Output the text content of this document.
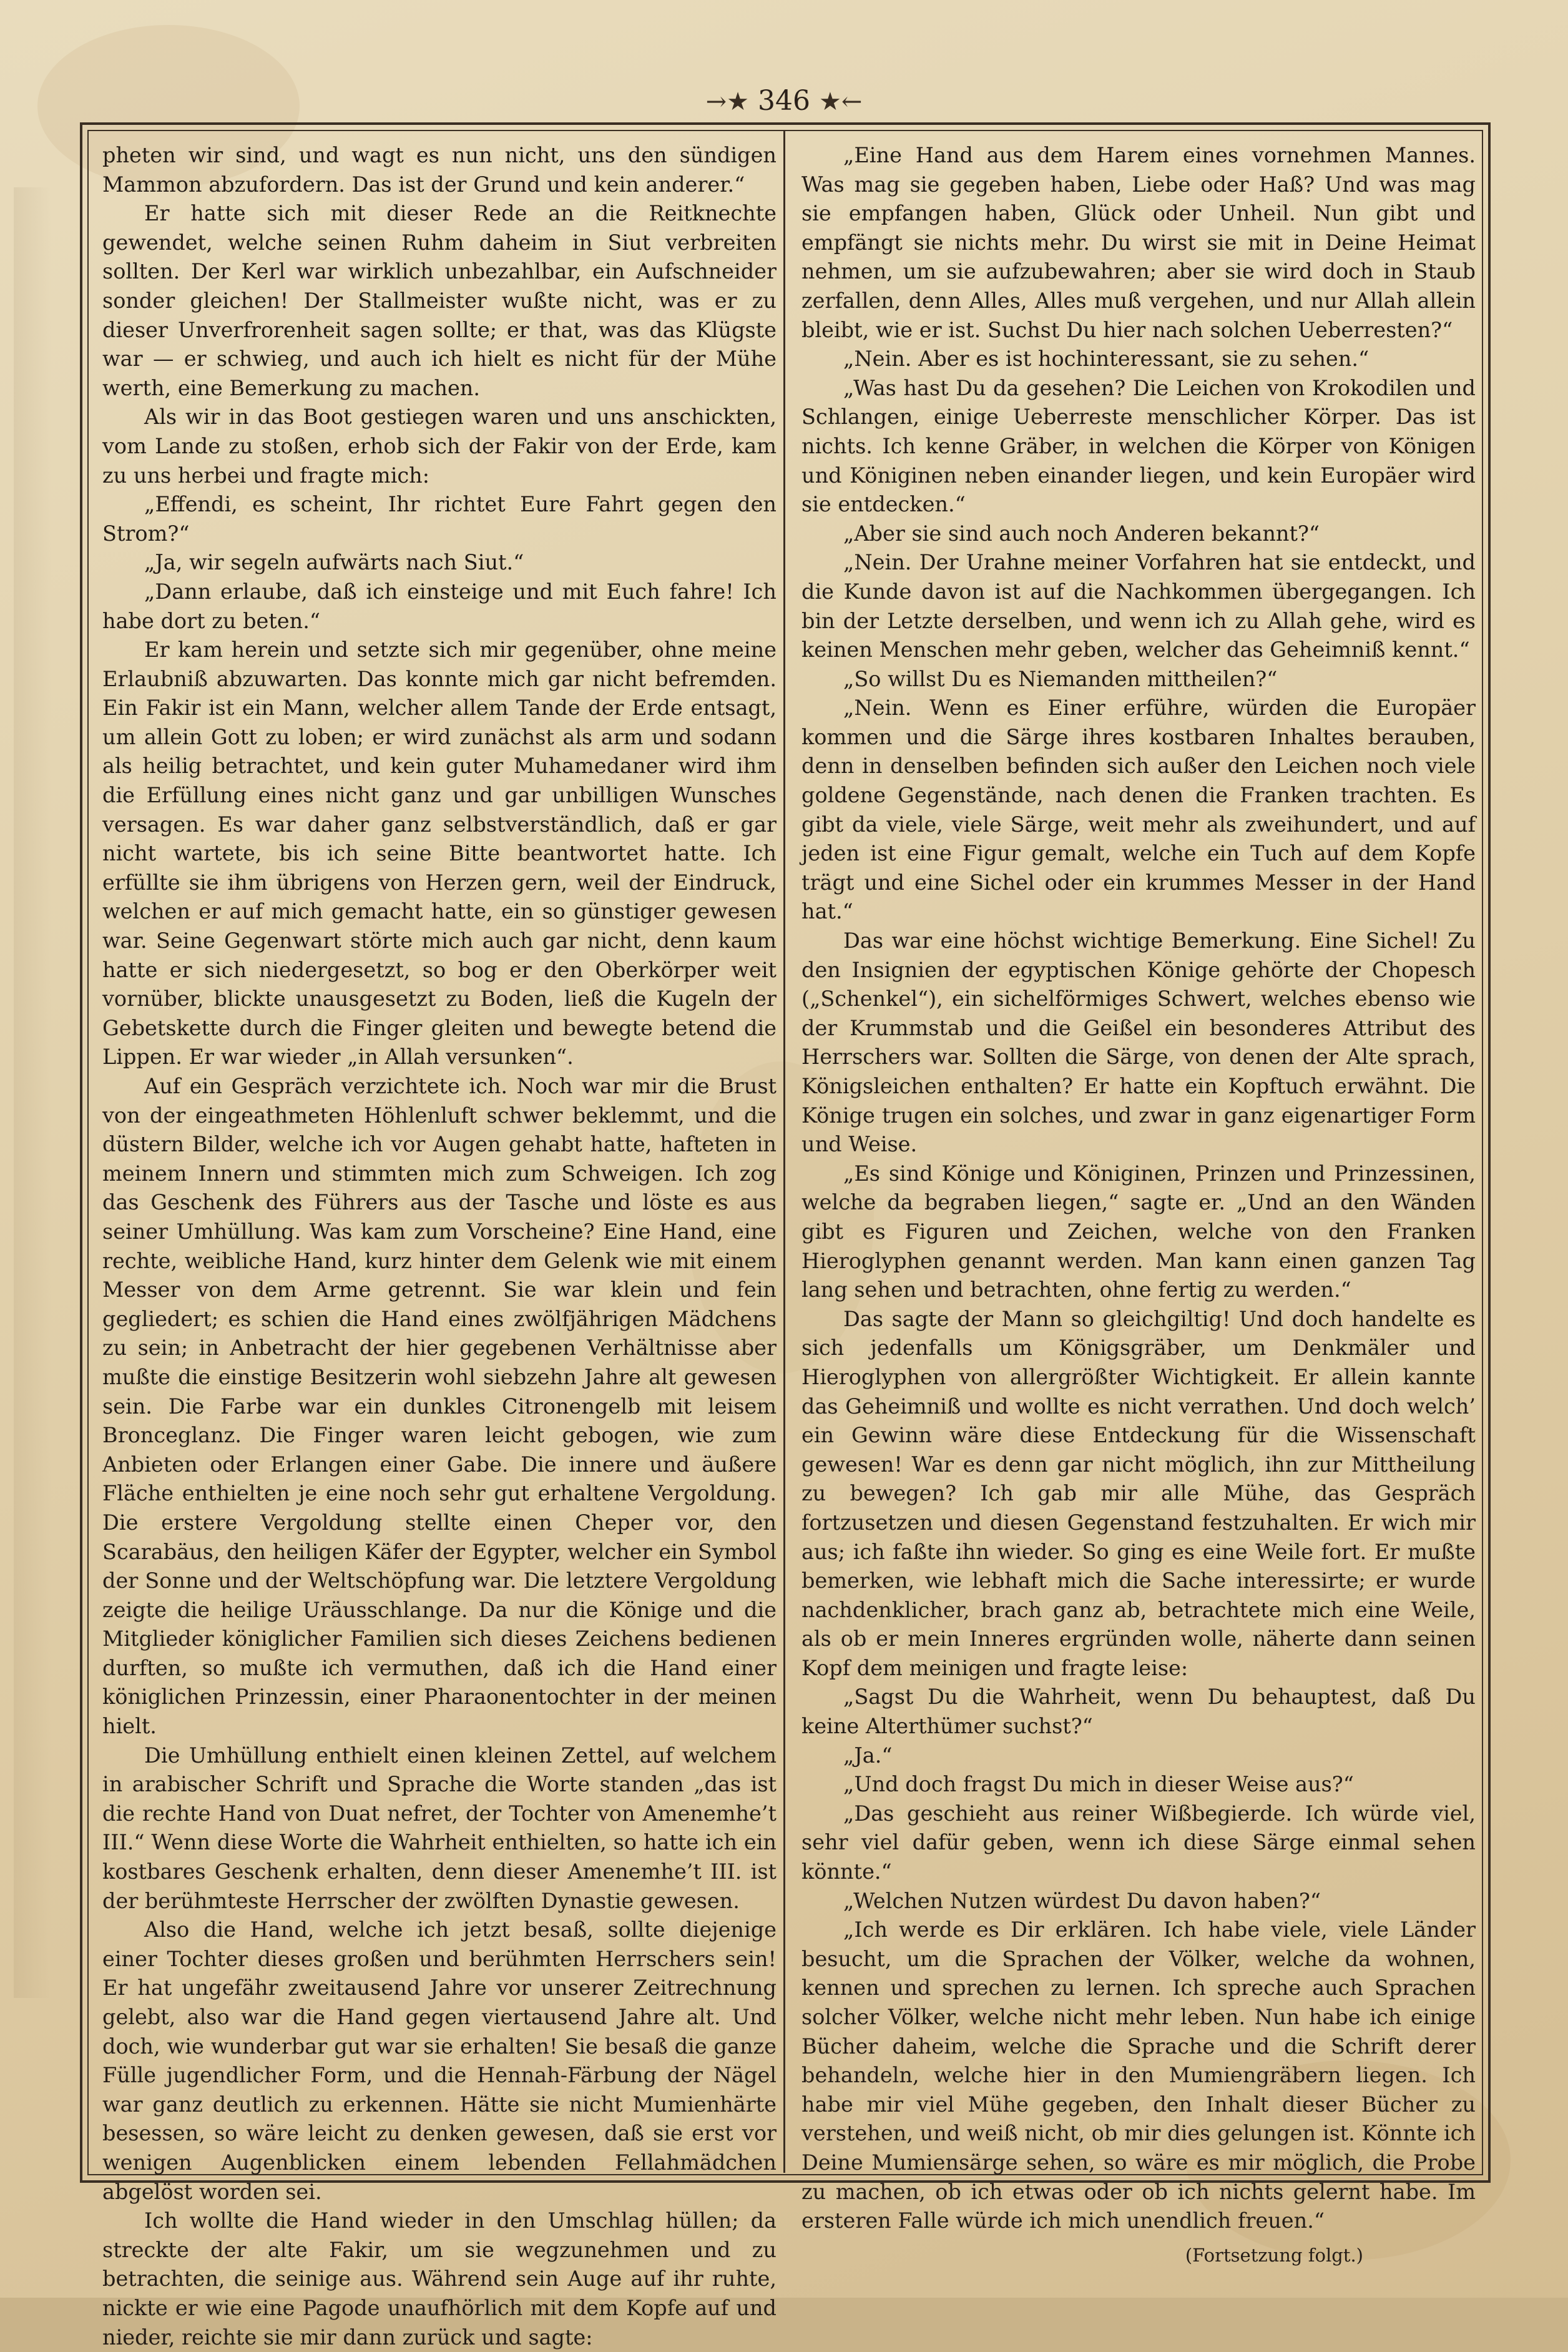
→★ 346 ★←

pheten wir sind, und wagt es nun nicht, uns den sündigen Mammon abzufordern. Das ist der Grund und kein anderer.“

Er hatte sich mit dieser Rede an die Reitknechte gewendet, welche seinen Ruhm daheim in Siut verbreiten sollten. Der Kerl war wirklich unbezahlbar, ein Aufschneider sonder gleichen! Der Stallmeister wußte nicht, was er zu dieser Unverfrorenheit sagen sollte; er that, was das Klügste war — er schwieg, und auch ich hielt es nicht für der Mühe werth, eine Bemerkung zu machen.

Als wir in das Boot gestiegen waren und uns anschickten, vom Lande zu stoßen, erhob sich der Fakir von der Erde, kam zu uns herbei und fragte mich:

„Effendi, es scheint, Ihr richtet Eure Fahrt gegen den Strom?“

„Ja, wir segeln aufwärts nach Siut.“

„Dann erlaube, daß ich einsteige und mit Euch fahre! Ich habe dort zu beten.“

Er kam herein und setzte sich mir gegenüber, ohne meine Erlaubniß abzuwarten. Das konnte mich gar nicht befremden. Ein Fakir ist ein Mann, welcher allem Tande der Erde entsagt, um allein Gott zu loben; er wird zunächst als arm und sodann als heilig betrachtet, und kein guter Muhamedaner wird ihm die Erfüllung eines nicht ganz und gar unbilligen Wunsches versagen. Es war daher ganz selbstverständlich, daß er gar nicht wartete, bis ich seine Bitte beantwortet hatte. Ich erfüllte sie ihm übrigens von Herzen gern, weil der Eindruck, welchen er auf mich gemacht hatte, ein so günstiger gewesen war. Seine Gegenwart störte mich auch gar nicht, denn kaum hatte er sich niedergesetzt, so bog er den Oberkörper weit vornüber, blickte unausgesetzt zu Boden, ließ die Kugeln der Gebetskette durch die Finger gleiten und bewegte betend die Lippen. Er war wieder „in Allah versunken“.

Auf ein Gespräch verzichtete ich. Noch war mir die Brust von der eingeathmeten Höhlenluft schwer beklemmt, und die düstern Bilder, welche ich vor Augen gehabt hatte, hafteten in meinem Innern und stimmten mich zum Schweigen. Ich zog das Geschenk des Führers aus der Tasche und löste es aus seiner Umhüllung. Was kam zum Vorscheine? Eine Hand, eine rechte, weibliche Hand, kurz hinter dem Gelenk wie mit einem Messer von dem Arme getrennt. Sie war klein und fein gegliedert; es schien die Hand eines zwölfjährigen Mädchens zu sein; in Anbetracht der hier gegebenen Verhältnisse aber mußte die einstige Besitzerin wohl siebzehn Jahre alt gewesen sein. Die Farbe war ein dunkles Citronengelb mit leisem Bronceglanz. Die Finger waren leicht gebogen, wie zum Anbieten oder Erlangen einer Gabe. Die innere und äußere Fläche enthielten je eine noch sehr gut erhaltene Vergoldung. Die erstere Vergoldung stellte einen Cheper vor, den Scarabäus, den heiligen Käfer der Egypter, welcher ein Symbol der Sonne und der Weltschöpfung war. Die letztere Vergoldung zeigte die heilige Uräusschlange. Da nur die Könige und die Mitglieder königlicher Familien sich dieses Zeichens bedienen durften, so mußte ich vermuthen, daß ich die Hand einer königlichen Prinzessin, einer Pharaonentochter in der meinen hielt.

Die Umhüllung enthielt einen kleinen Zettel, auf welchem in arabischer Schrift und Sprache die Worte standen „das ist die rechte Hand von Duat nefret, der Tochter von Amenemhe’t III.“ Wenn diese Worte die Wahrheit enthielten, so hatte ich ein kostbares Geschenk erhalten, denn dieser Amenemhe’t III. ist der berühmteste Herrscher der zwölften Dynastie gewesen.

Also die Hand, welche ich jetzt besaß, sollte diejenige einer Tochter dieses großen und berühmten Herrschers sein! Er hat ungefähr zweitausend Jahre vor unserer Zeitrechnung gelebt, also war die Hand gegen viertausend Jahre alt. Und doch, wie wunderbar gut war sie erhalten! Sie besaß die ganze Fülle jugendlicher Form, und die Hennah-Färbung der Nägel war ganz deutlich zu erkennen. Hätte sie nicht Mumienhärte besessen, so wäre leicht zu denken gewesen, daß sie erst vor wenigen Augenblicken einem lebenden Fellahmädchen abgelöst worden sei.

Ich wollte die Hand wieder in den Umschlag hüllen; da streckte der alte Fakir, um sie wegzunehmen und zu betrachten, die seinige aus. Während sein Auge auf ihr ruhte, nickte er wie eine Pagode unaufhörlich mit dem Kopfe auf und nieder, reichte sie mir dann zurück und sagte:

„Eine Hand aus dem Harem eines vornehmen Mannes. Was mag sie gegeben haben, Liebe oder Haß? Und was mag sie empfangen haben, Glück oder Unheil. Nun gibt und empfängt sie nichts mehr. Du wirst sie mit in Deine Heimat nehmen, um sie aufzubewahren; aber sie wird doch in Staub zerfallen, denn Alles, Alles muß vergehen, und nur Allah allein bleibt, wie er ist. Suchst Du hier nach solchen Ueberresten?“

„Nein. Aber es ist hochinteressant, sie zu sehen.“

„Was hast Du da gesehen? Die Leichen von Krokodilen und Schlangen, einige Ueberreste menschlicher Körper. Das ist nichts. Ich kenne Gräber, in welchen die Körper von Königen und Königinen neben einander liegen, und kein Europäer wird sie entdecken.“

„Aber sie sind auch noch Anderen bekannt?“

„Nein. Der Urahne meiner Vorfahren hat sie entdeckt, und die Kunde davon ist auf die Nachkommen übergegangen. Ich bin der Letzte derselben, und wenn ich zu Allah gehe, wird es keinen Menschen mehr geben, welcher das Geheimniß kennt.“

„So willst Du es Niemanden mittheilen?“

„Nein. Wenn es Einer erführe, würden die Europäer kommen und die Särge ihres kostbaren Inhaltes berauben, denn in denselben befinden sich außer den Leichen noch viele goldene Gegenstände, nach denen die Franken trachten. Es gibt da viele, viele Särge, weit mehr als zweihundert, und auf jeden ist eine Figur gemalt, welche ein Tuch auf dem Kopfe trägt und eine Sichel oder ein krummes Messer in der Hand hat.“

Das war eine höchst wichtige Bemerkung. Eine Sichel! Zu den Insignien der egyptischen Könige gehörte der Chopesch („Schenkel“), ein sichelförmiges Schwert, welches ebenso wie der Krummstab und die Geißel ein besonderes Attribut des Herrschers war. Sollten die Särge, von denen der Alte sprach, Königsleichen enthalten? Er hatte ein Kopftuch erwähnt. Die Könige trugen ein solches, und zwar in ganz eigenartiger Form und Weise.

„Es sind Könige und Königinen, Prinzen und Prinzessinen, welche da begraben liegen,“ sagte er. „Und an den Wänden gibt es Figuren und Zeichen, welche von den Franken Hieroglyphen genannt werden. Man kann einen ganzen Tag lang sehen und betrachten, ohne fertig zu werden.“

Das sagte der Mann so gleichgiltig! Und doch handelte es sich jedenfalls um Königsgräber, um Denkmäler und Hieroglyphen von allergrößter Wichtigkeit. Er allein kannte das Geheimniß und wollte es nicht verrathen. Und doch welch’ ein Gewinn wäre diese Entdeckung für die Wissenschaft gewesen! War es denn gar nicht möglich, ihn zur Mittheilung zu bewegen? Ich gab mir alle Mühe, das Gespräch fortzusetzen und diesen Gegenstand festzuhalten. Er wich mir aus; ich faßte ihn wieder. So ging es eine Weile fort. Er mußte bemerken, wie lebhaft mich die Sache interessirte; er wurde nachdenklicher, brach ganz ab, betrachtete mich eine Weile, als ob er mein Inneres ergründen wolle, näherte dann seinen Kopf dem meinigen und fragte leise:

„Sagst Du die Wahrheit, wenn Du behauptest, daß Du keine Alterthümer suchst?“

„Ja.“

„Und doch fragst Du mich in dieser Weise aus?“

„Das geschieht aus reiner Wißbegierde. Ich würde viel, sehr viel dafür geben, wenn ich diese Särge einmal sehen könnte.“

„Welchen Nutzen würdest Du davon haben?“

„Ich werde es Dir erklären. Ich habe viele, viele Länder besucht, um die Sprachen der Völker, welche da wohnen, kennen und sprechen zu lernen. Ich spreche auch Sprachen solcher Völker, welche nicht mehr leben. Nun habe ich einige Bücher daheim, welche die Sprache und die Schrift derer behandeln, welche hier in den Mumiengräbern liegen. Ich habe mir viel Mühe gegeben, den Inhalt dieser Bücher zu verstehen, und weiß nicht, ob mir dies gelungen ist. Könnte ich Deine Mumiensärge sehen, so wäre es mir möglich, die Probe zu machen, ob ich etwas oder ob ich nichts gelernt habe. Im ersteren Falle würde ich mich unendlich freuen.“

(Fortsetzung folgt.)
